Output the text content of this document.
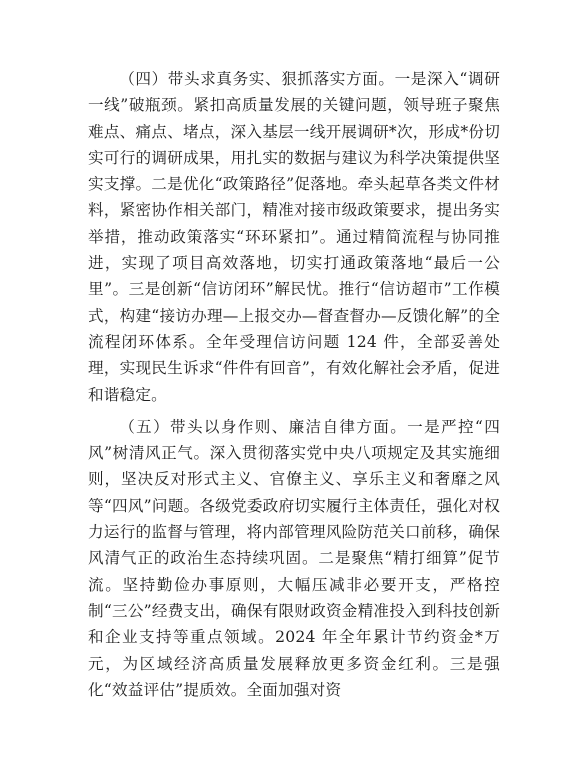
（四）带头求真务实、狠抓落实方面。一是深入“调研一线”破瓶颈。紧扣高质量发展的关键问题，领导班子聚焦难点、痛点、堵点，深入基层一线开展调研*次，形成*份切实可行的调研成果，用扎实的数据与建议为科学决策提供坚实支撑。二是优化“政策路径”促落地。牵头起草各类文件材料，紧密协作相关部门，精准对接市级政策要求，提出务实举措，推动政策落实“环环紧扣”。通过精简流程与协同推进，实现了项目高效落地，切实打通政策落地“最后一公里”。三是创新“信访闭环”解民忧。推行“信访超市”工作模式，构建“接访办理—上报交办—督查督办—反馈化解”的全流程闭环体系。全年受理信访问题 124 件，全部妥善处理，实现民生诉求“件件有回音”，有效化解社会矛盾，促进和谐稳定。

（五）带头以身作则、廉洁自律方面。一是严控“四风”树清风正气。深入贯彻落实党中央八项规定及其实施细则，坚决反对形式主义、官僚主义、享乐主义和奢靡之风等“四风”问题。各级党委政府切实履行主体责任，强化对权力运行的监督与管理，将内部管理风险防范关口前移，确保风清气正的政治生态持续巩固。二是聚焦“精打细算”促节流。坚持勤俭办事原则，大幅压减非必要开支，严格控制“三公”经费支出，确保有限财政资金精准投入到科技创新和企业支持等重点领域。2024 年全年累计节约资金*万元，为区域经济高质量发展释放更多资金红利。三是强化“效益评估”提质效。全面加强对资
